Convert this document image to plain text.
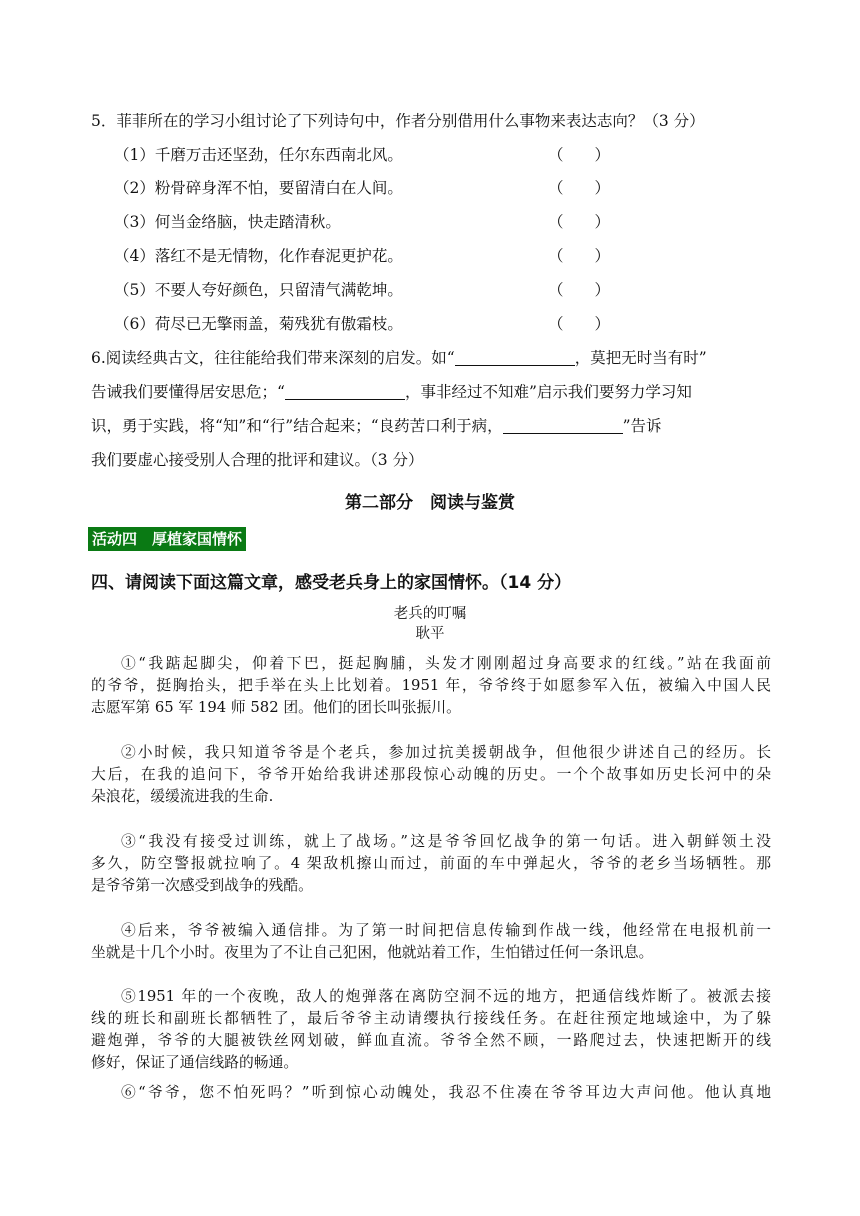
5．菲菲所在的学习小组讨论了下列诗句中，作者分别借用什么事物来表达志向？（3 分）
（1）千磨万击还坚劲，任尔东西南北风。	（　　）
（2）粉骨碎身浑不怕，要留清白在人间。	（　　）
（3）何当金络脑，快走踏清秋。	（　　）
（4）落红不是无情物，化作春泥更护花。	（　　）
（5）不要人夸好颜色，只留清气满乾坤。	（　　）
（6）荷尽已无擎雨盖，菊残犹有傲霜枝。	（　　）
6.阅读经典古文，往往能给我们带来深刻的启发。如“	，莫把无时当有时”
告诫我们要懂得居安思危；“	，事非经过不知难”启示我们要努力学习知
识，勇于实践，将“知”和“行”结合起来；“良药苦口利于病，	”告诉
我们要虚心接受别人合理的批评和建议。（3 分）
第二部分　阅读与鉴赏
活动四　厚植家国情怀
四、请阅读下面这篇文章，感受老兵身上的家国情怀。（14 分）
老兵的叮嘱
耿平
①“我踮起脚尖，仰着下巴，挺起胸脯，头发才刚刚超过身高要求的红线。”站在我面前
的爷爷，挺胸抬头，把手举在头上比划着。1951 年，爷爷终于如愿参军入伍，被编入中国人民
志愿军第 65 军 194 师 582 团。他们的团长叫张振川。
②小时候，我只知道爷爷是个老兵，参加过抗美援朝战争，但他很少讲述自己的经历。长
大后，在我的追问下，爷爷开始给我讲述那段惊心动魄的历史。一个个故事如历史长河中的朵
朵浪花，缓缓流进我的生命.
③“我没有接受过训练，就上了战场。”这是爷爷回忆战争的第一句话。进入朝鲜领土没
多久，防空警报就拉响了。4 架敌机擦山而过，前面的车中弹起火，爷爷的老乡当场牺牲。那
是爷爷第一次感受到战争的残酷。
④后来，爷爷被编入通信排。为了第一时间把信息传输到作战一线，他经常在电报机前一
坐就是十几个小时。夜里为了不让自己犯困，他就站着工作，生怕错过任何一条讯息。
⑤1951 年的一个夜晚，敌人的炮弹落在离防空洞不远的地方，把通信线炸断了。被派去接
线的班长和副班长都牺牲了，最后爷爷主动请缨执行接线任务。在赶往预定地域途中，为了躲
避炮弹，爷爷的大腿被铁丝网划破，鲜血直流。爷爷全然不顾，一路爬过去，快速把断开的线
修好，保证了通信线路的畅通。
⑥“爷爷，您不怕死吗？”听到惊心动魄处，我忍不住凑在爷爷耳边大声问他。他认真地
